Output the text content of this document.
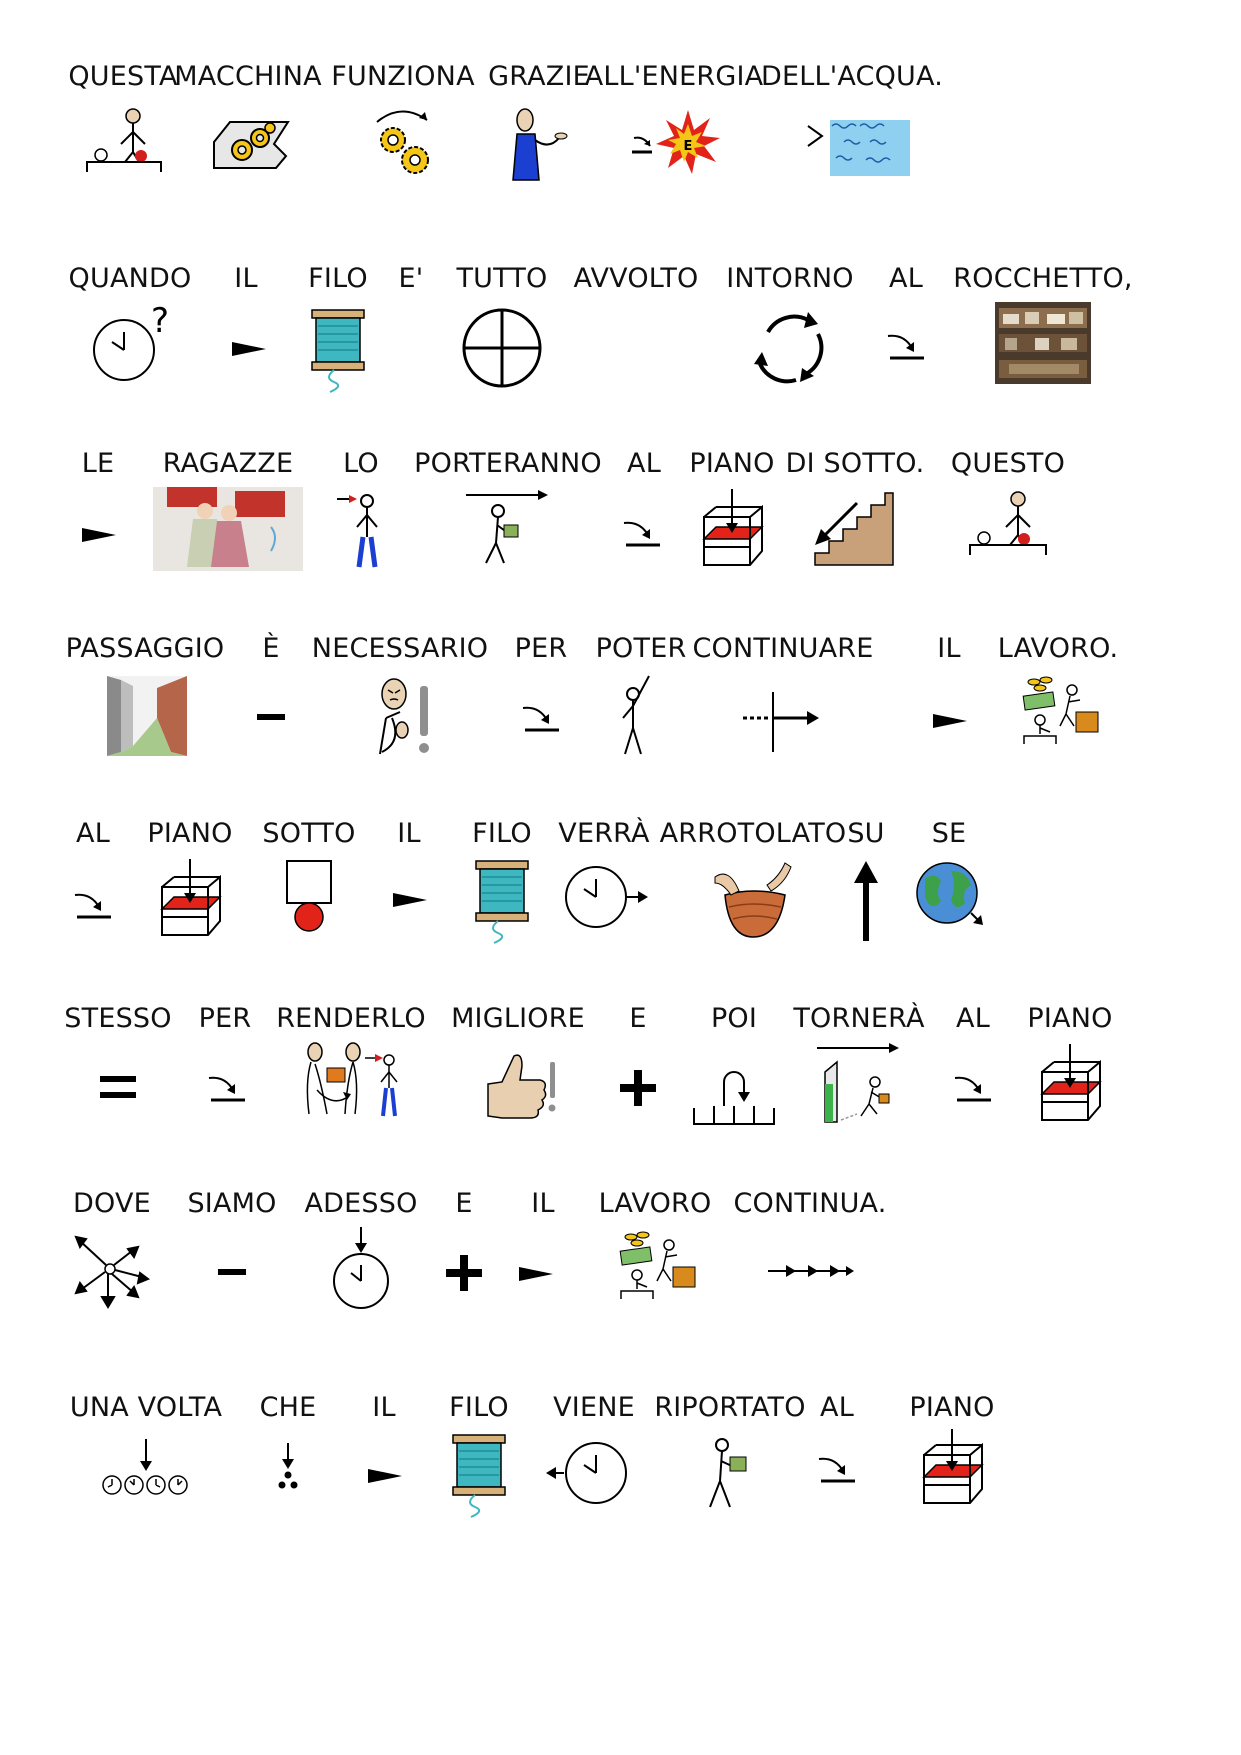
QUESTA
MACCHINA FUNZIONA GRAZIE
ALL'ENERGIA
E
DELL'ACQUA.
QUANDO
?
IL FILO E' TUTTO AVVOLTO INTORNO AL ROCCHETTO,
LE RAGAZZE LO PORTERANNO AL PIANO DI SOTTO. QUESTO
PASSAGGIO È NECESSARIO PER POTER CONTINUARE IL LAVORO.
AL PIANO SOTTO IL FILO VERRÀ ARROTOLATO SU SE
STESSO PER RENDERLO MIGLIORE E POI TORNERÀ AL PIANO
DOVE SIAMO ADESSO E IL LAVORO CONTINUA.
UNA VOLTA CHE IL FILO VIENE RIPORTATO AL PIANO
